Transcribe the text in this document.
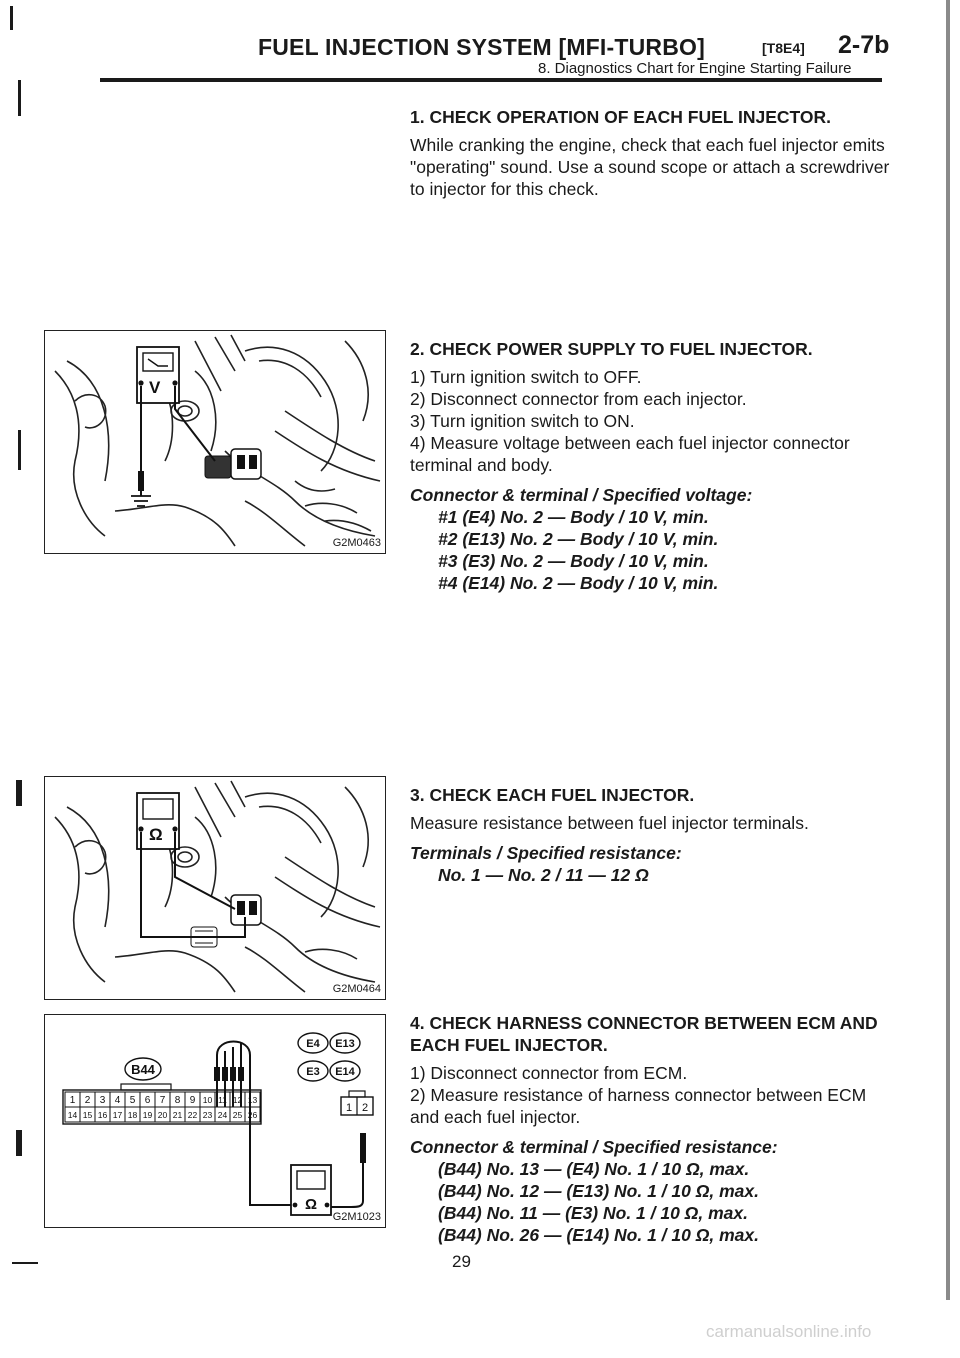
FUEL INJECTION SYSTEM [MFI-TURBO]	[T8E4] 2-7b
8. Diagnostics Chart for Engine Starting Failure
1. CHECK OPERATION OF EACH FUEL INJECTOR.

While cranking the engine, check that each fuel injector emits "operating" sound. Use a sound scope or attach a screwdriver to injector for this check.

2. CHECK POWER SUPPLY TO FUEL INJECTOR.

1) Turn ignition switch to OFF.

2) Disconnect connector from each injector.

3) Turn ignition switch to ON.

4) Measure voltage between each fuel injector connector terminal and body.

Connector & terminal / Specified voltage:

#1 (E4) No. 2 — Body / 10 V, min.

#2 (E13) No. 2 — Body / 10 V, min.

#3 (E3) No. 2 — Body / 10 V, min.

#4 (E14) No. 2 — Body / 10 V, min.

3. CHECK EACH FUEL INJECTOR.

Measure resistance between fuel injector terminals.

Terminals / Specified resistance:

No. 1 — No. 2 / 11 — 12 Ω

4. CHECK HARNESS CONNECTOR BETWEEN ECM AND EACH FUEL INJECTOR.

1) Disconnect connector from ECM.

2) Measure resistance of harness connector between ECM and each fuel injector.

Connector & terminal / Specified resistance:

(B44) No. 13 — (E4) No. 1 / 10 Ω, max.

(B44) No. 12 — (E13) No. 1 / 10 Ω, max.

(B44) No. 11 — (E3) No. 1 / 10 Ω, max.

(B44) No. 26 — (E14) No. 1 / 10 Ω, max.

V
G2M0463
Ω
G2M0464
B44
1 2 3 4 5 6 7 8 9 10 11 12 13
14 15 16 17 18 19 20 21 22 23 24 25 26
E4 E13
E3 E14
1 2
Ω
G2M1023
29
carmanualsonline.info
